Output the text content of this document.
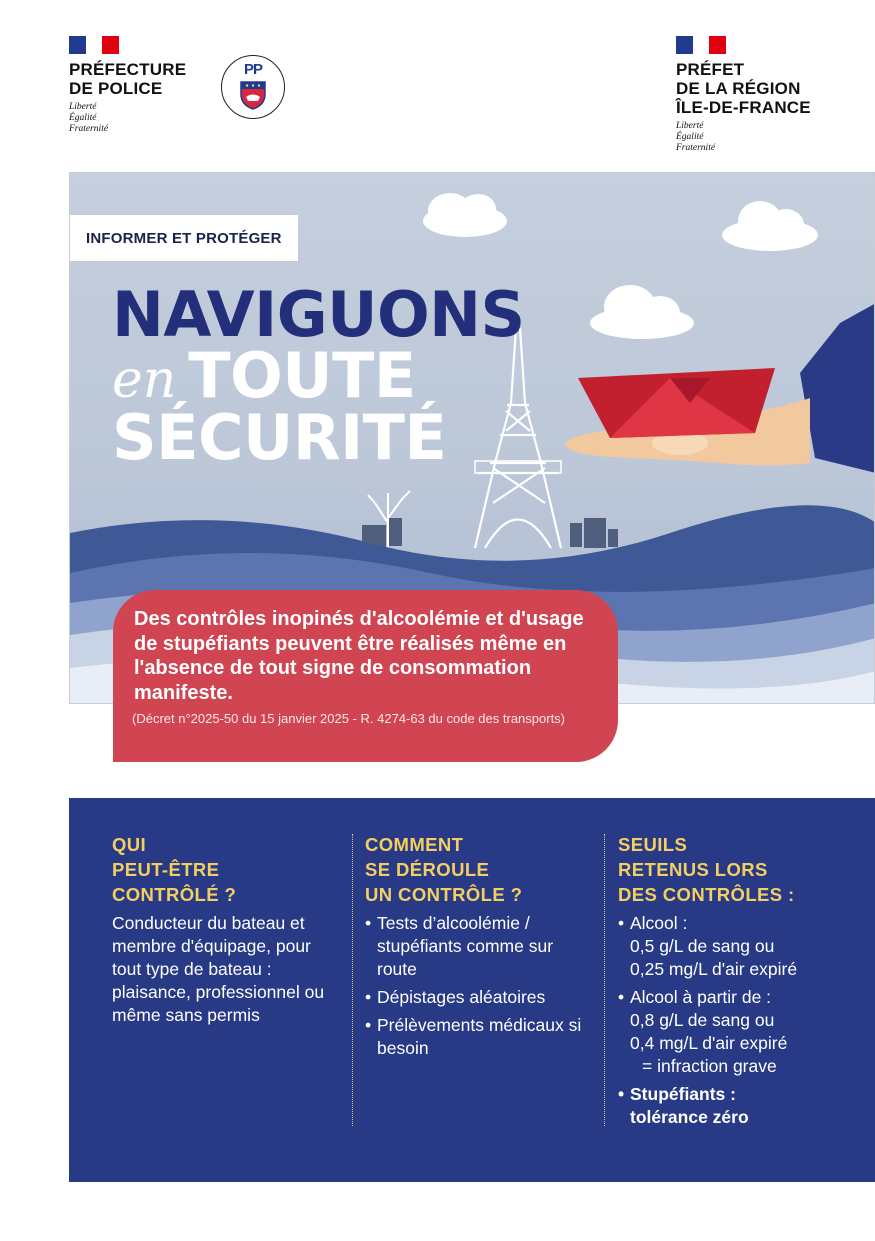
PRÉFECTURE
DE POLICE
Liberté
Égalité
Fraternité
PP	PRÉFET
DE LA RÉGION
ÎLE-DE-FRANCE
Liberté
Égalité
Fraternité
INFORMER ET PROTÉGER
NAVIGUONS
en TOUTE
SÉCURITÉ
Des contrôles inopinés d'alcoolémie et d'usage de stupéfiants peuvent être réalisés même en l'absence de tout signe de consommation manifeste.
(Décret n°2025-50 du 15 janvier 2025 - R. 4274-63 du code des transports)
QUI
PEUT-ÊTRE
CONTRÔLÉ ?

Conducteur du bateau et membre d'équipage, pour tout type de bateau : plaisance, professionnel ou même sans permis

COMMENT
SE DÉROULE
UN CONTRÔLE ?
• Tests d’alcoolémie / stupéfiants comme sur route
• Dépistages aléatoires
• Prélèvements médicaux si besoin
SEUILS
RETENUS LORS
DES CONTRÔLES :
• Alcool :
0,5 g/L de sang ou
0,25 mg/L d'air expiré
• Alcool à partir de :
0,8 g/L de sang ou
0,4 mg/L d'air expiré
= infraction grave
• Stupéfiants :
tolérance zéro
